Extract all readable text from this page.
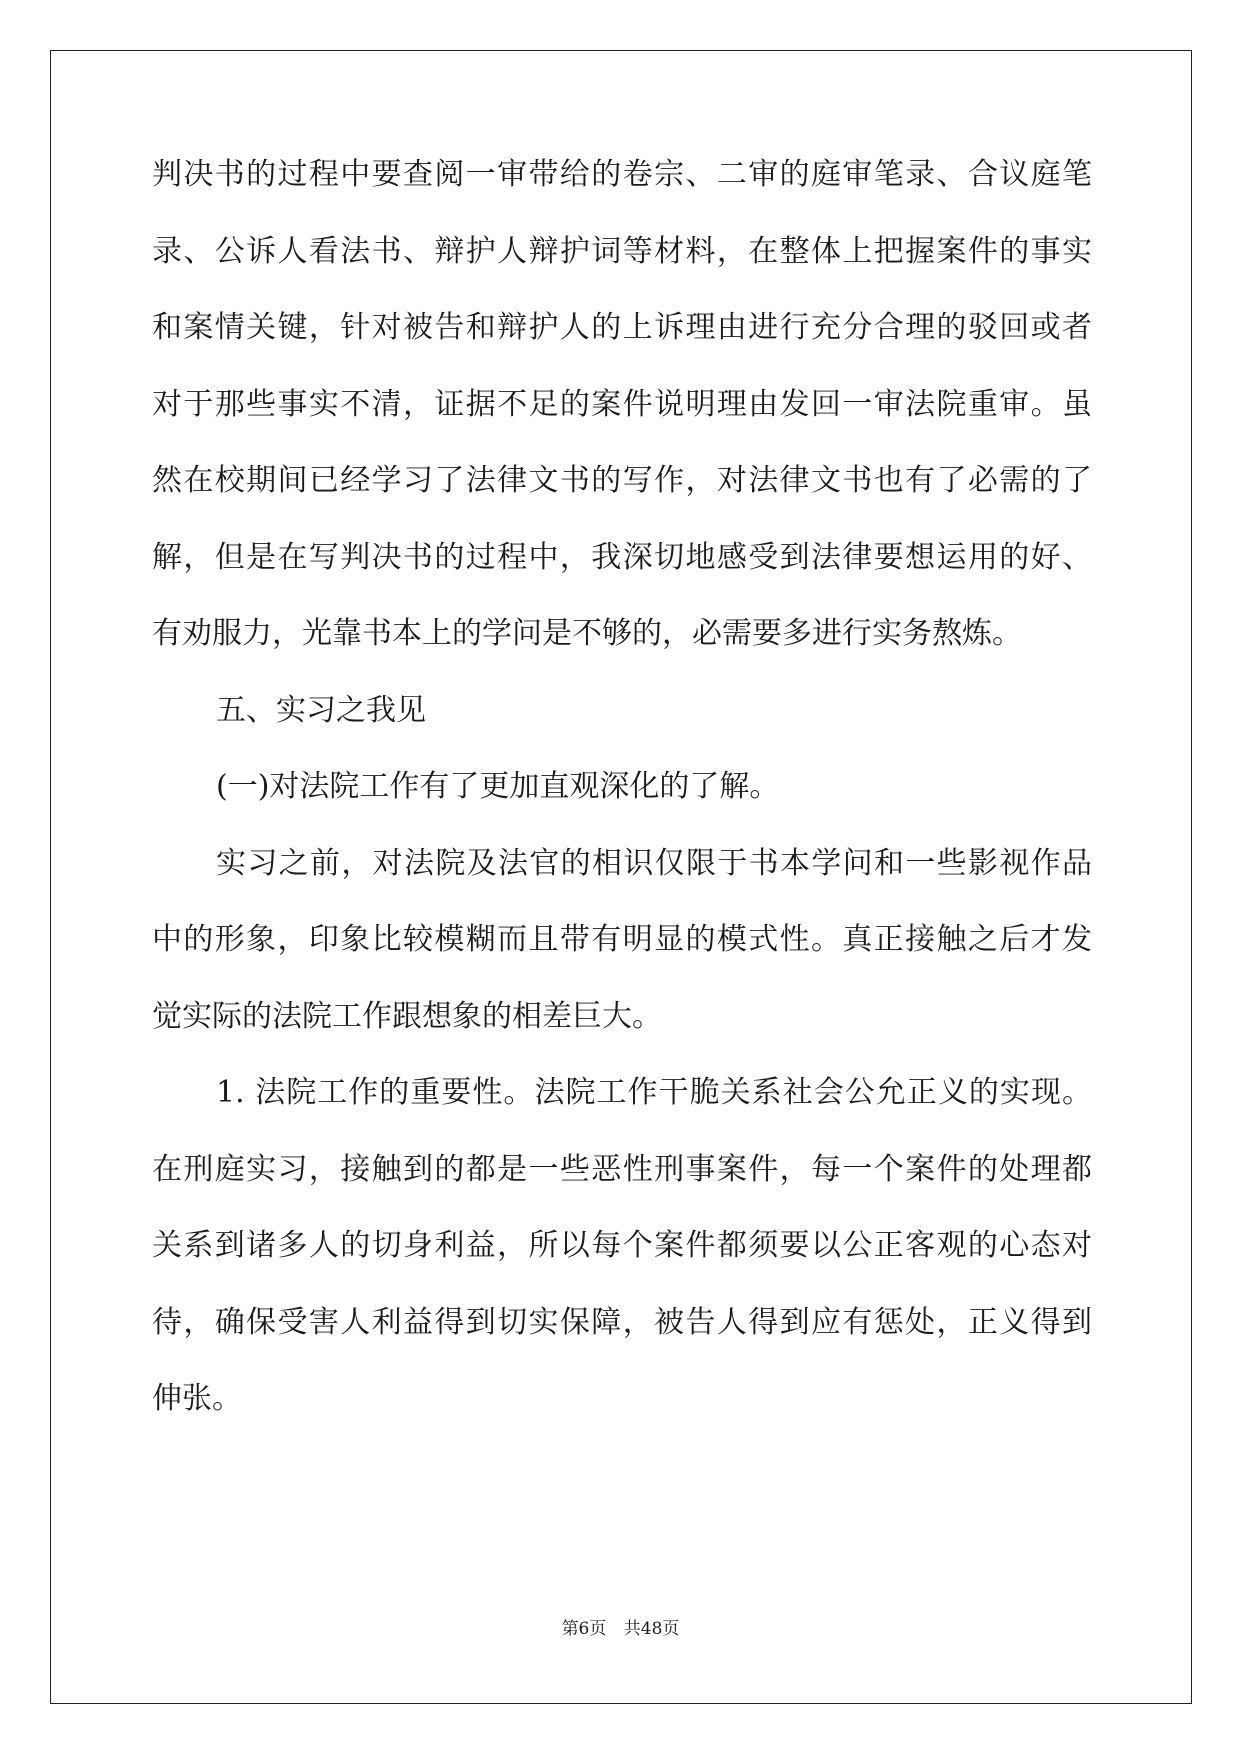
判决书的过程中要查阅一审带给的卷宗、二审的庭审笔录、合议庭笔
录、公诉人看法书、辩护人辩护词等材料，在整体上把握案件的事实
和案情关键，针对被告和辩护人的上诉理由进行充分合理的驳回或者
对于那些事实不清，证据不足的案件说明理由发回一审法院重审。虽
然在校期间已经学习了法律文书的写作，对法律文书也有了必需的了
解，但是在写判决书的过程中，我深切地感受到法律要想运用的好、
有劝服力，光靠书本上的学问是不够的，必需要多进行实务熬炼。
五、实习之我见
(一)对法院工作有了更加直观深化的了解。
实习之前，对法院及法官的相识仅限于书本学问和一些影视作品
中的形象，印象比较模糊而且带有明显的模式性。真正接触之后才发
觉实际的法院工作跟想象的相差巨大。
1. 法院工作的重要性。法院工作干脆关系社会公允正义的实现。
在刑庭实习，接触到的都是一些恶性刑事案件，每一个案件的处理都
关系到诸多人的切身利益，所以每个案件都须要以公正客观的心态对
待，确保受害人利益得到切实保障，被告人得到应有惩处，正义得到
伸张。
第6页 共48页
